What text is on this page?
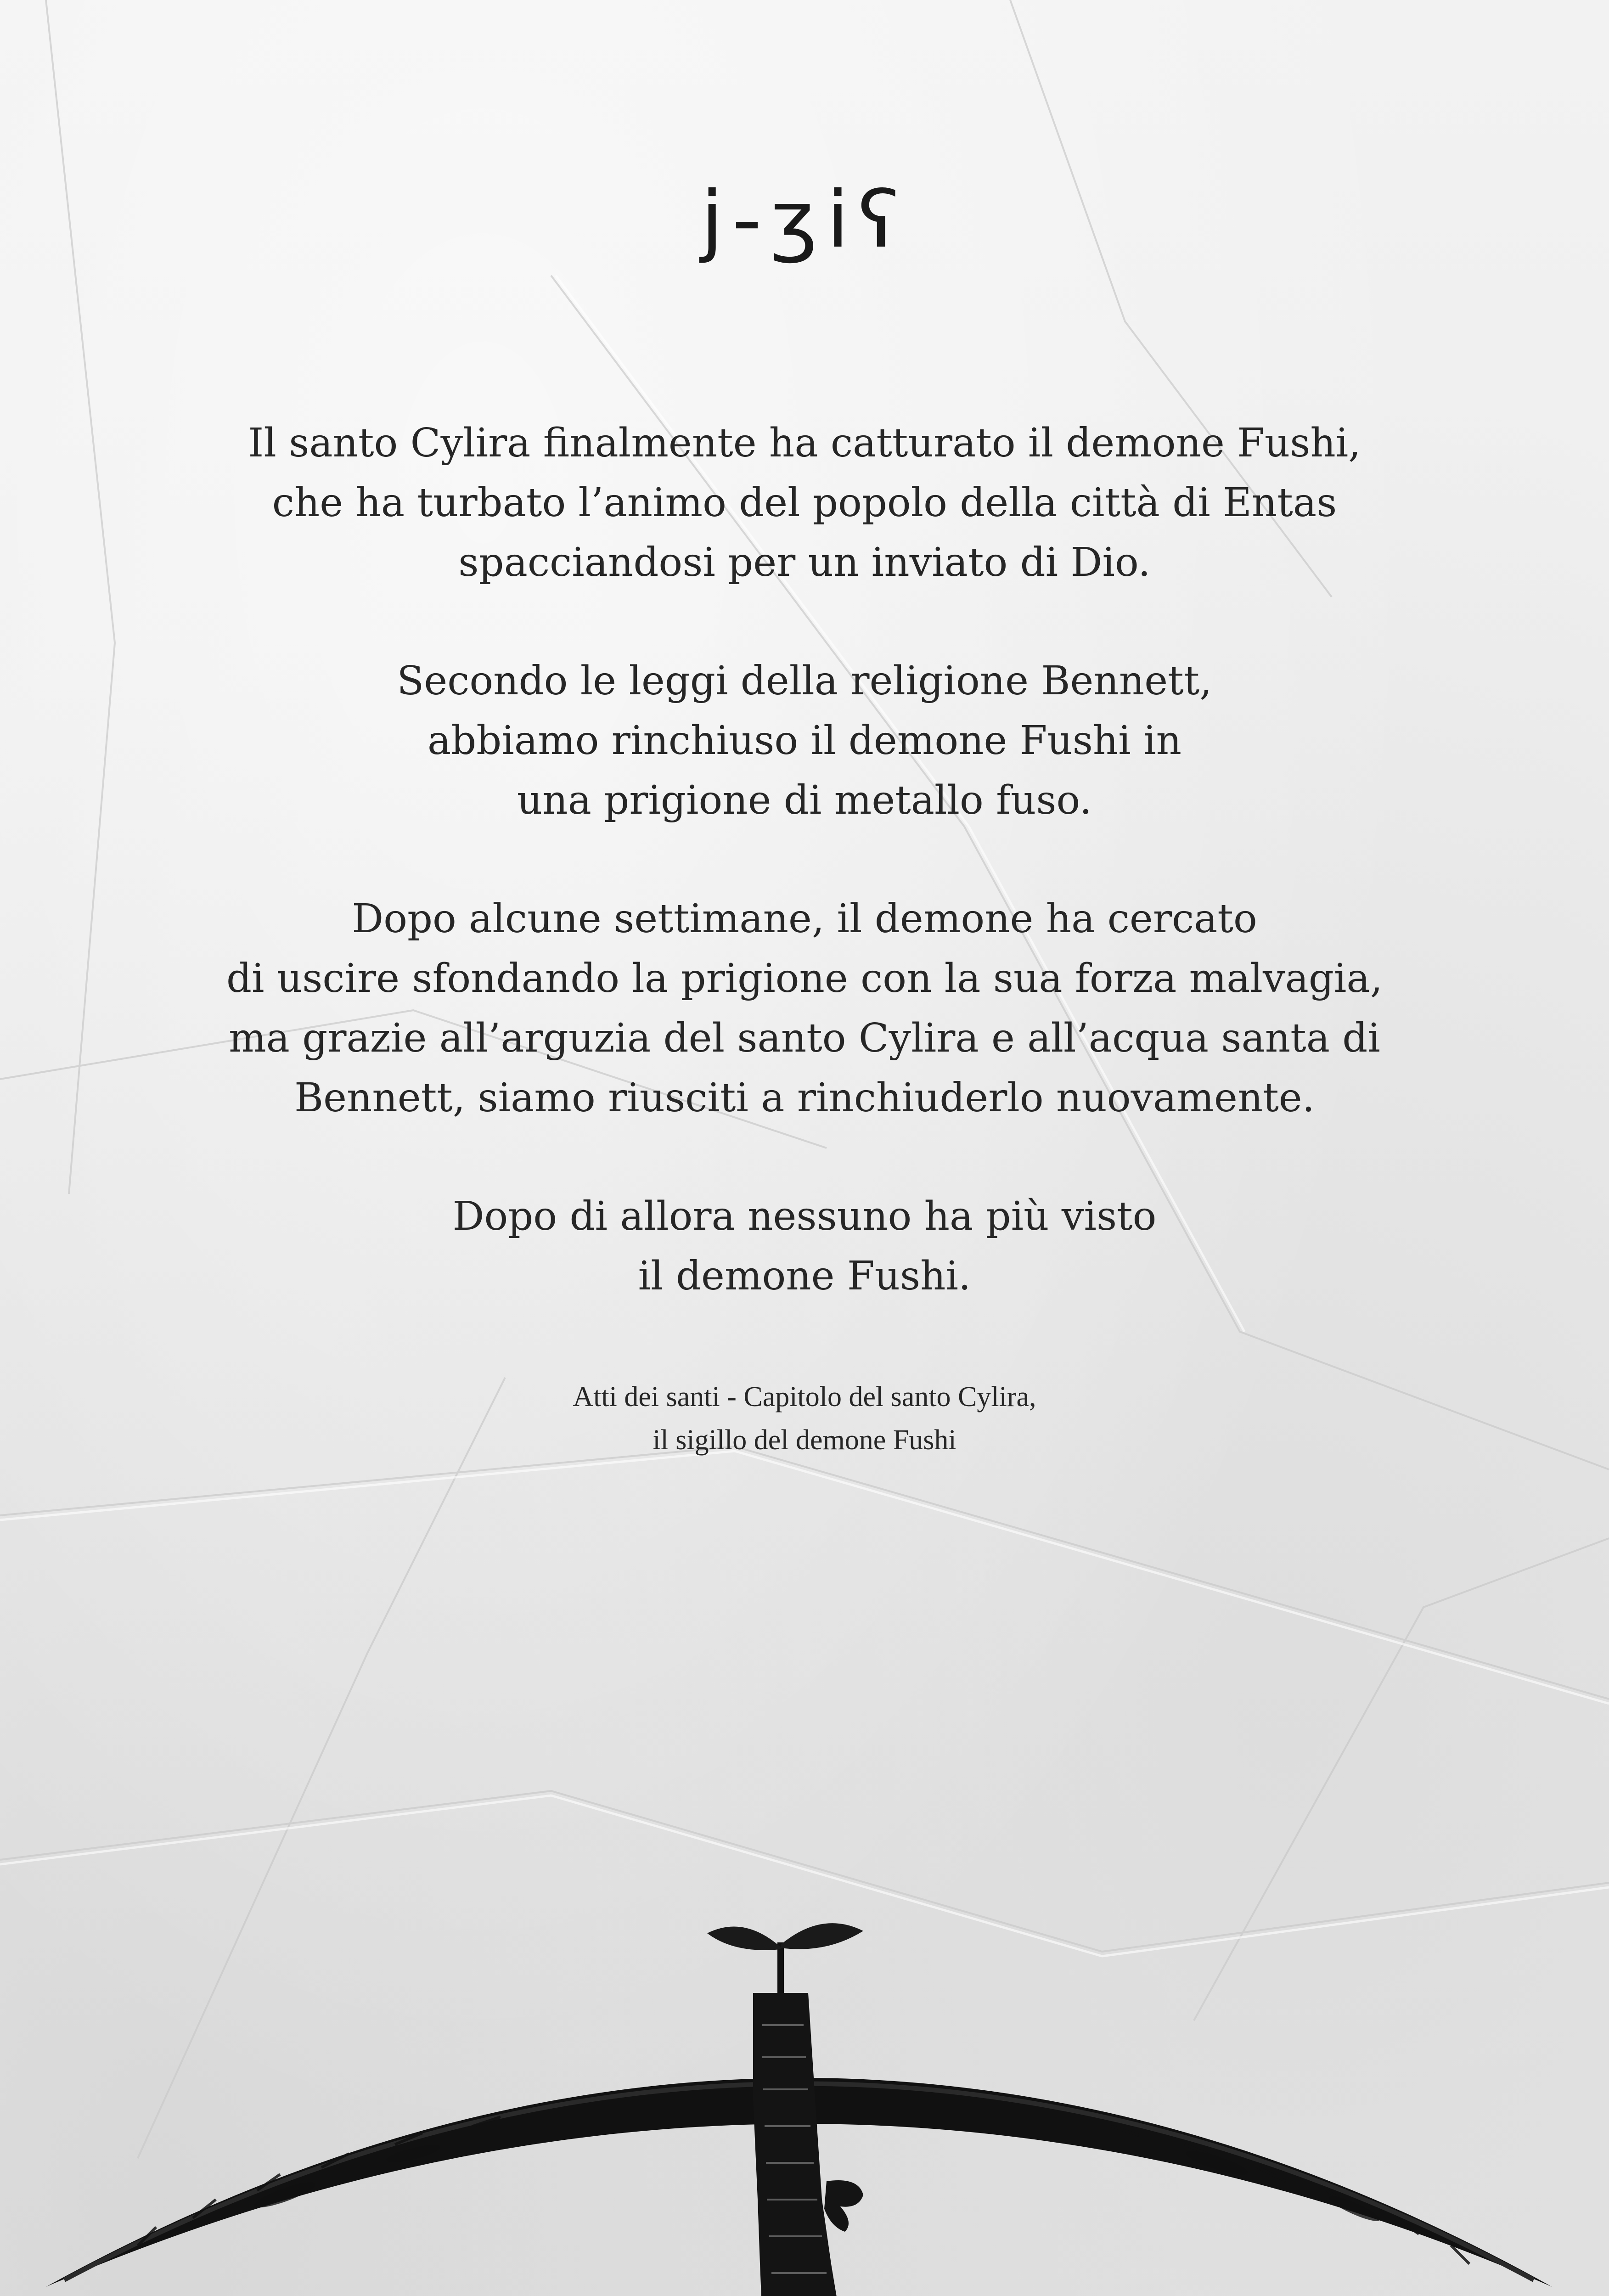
j-ʒiʕ

Il santo Cylira finalmente ha catturato il demone Fushi,
che ha turbato l’animo del popolo della città di Entas
spacciandosi per un inviato di Dio.

Secondo le leggi della religione Bennett,
abbiamo rinchiuso il demone Fushi in
una prigione di metallo fuso.

Dopo alcune settimane, il demone ha cercato
di uscire sfondando la prigione con la sua forza malvagia,
ma grazie all’arguzia del santo Cylira e all’acqua santa di
Bennett, siamo riusciti a rinchiuderlo nuovamente.

Dopo di allora nessuno ha più visto
il demone Fushi.

Atti dei santi - Capitolo del santo Cylira,
il sigillo del demone Fushi
